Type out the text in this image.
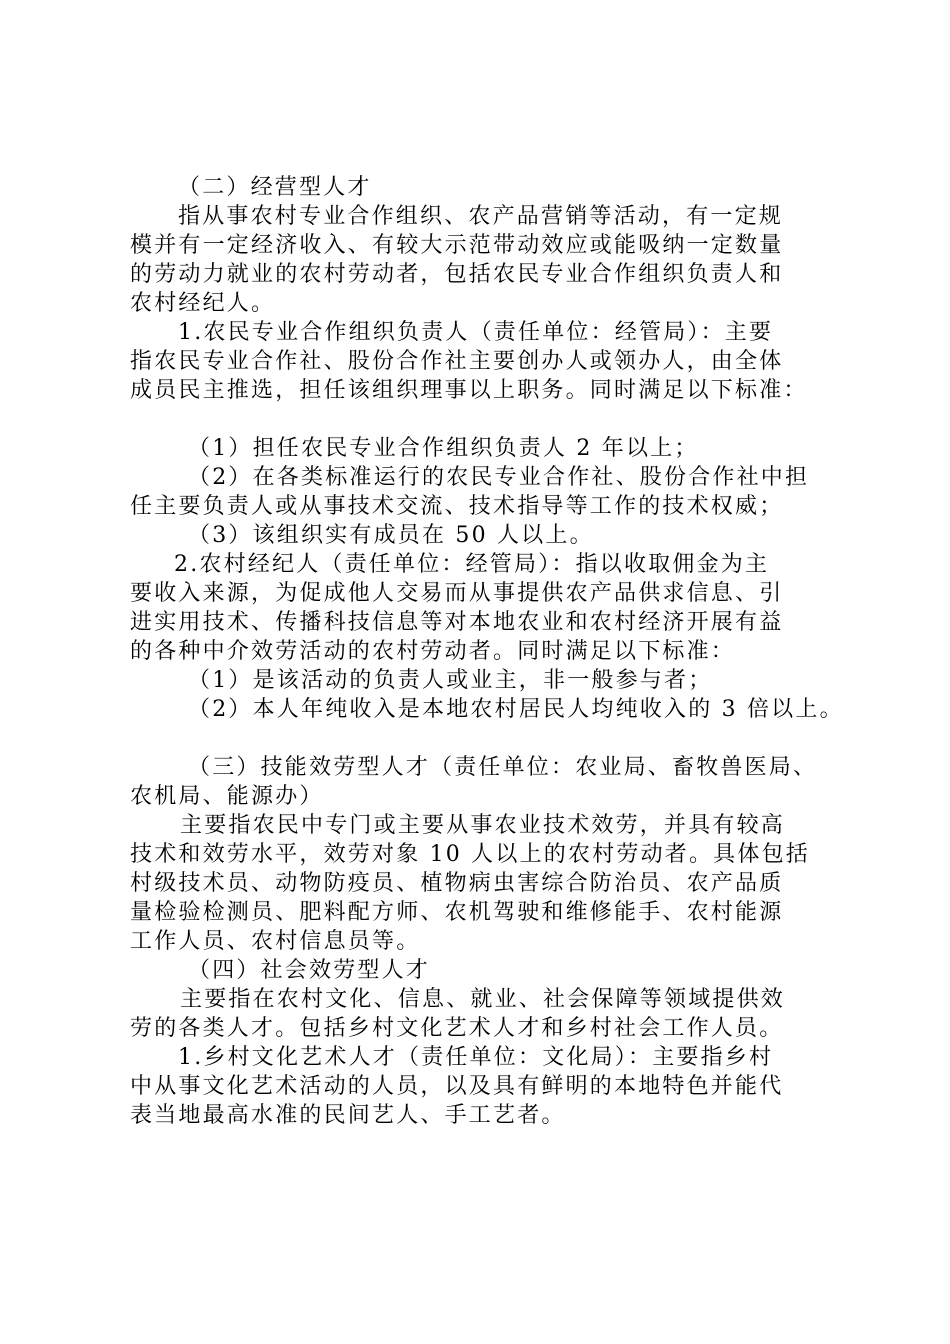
（二）经营型人才
指从事农村专业合作组织、农产品营销等活动，有一定规
模并有一定经济收入、有较大示范带动效应或能吸纳一定数量
的劳动力就业的农村劳动者，包括农民专业合作组织负责人和
农村经纪人。
1.农民专业合作组织负责人（责任单位：经管局）：主要
指农民专业合作社、股份合作社主要创办人或领办人，由全体
成员民主推选，担任该组织理事以上职务。同时满足以下标准：
（1）担任农民专业合作组织负责人 2 年以上；
（2）在各类标准运行的农民专业合作社、股份合作社中担
任主要负责人或从事技术交流、技术指导等工作的技术权威；
（3）该组织实有成员在 50 人以上。
2.农村经纪人（责任单位：经管局）：指以收取佣金为主
要收入来源，为促成他人交易而从事提供农产品供求信息、引
进实用技术、传播科技信息等对本地农业和农村经济开展有益
的各种中介效劳活动的农村劳动者。同时满足以下标准：
（1）是该活动的负责人或业主，非一般参与者；
（2）本人年纯收入是本地农村居民人均纯收入的 3 倍以上。
（三）技能效劳型人才（责任单位：农业局、畜牧兽医局、
农机局、能源办）
主要指农民中专门或主要从事农业技术效劳，并具有较高
技术和效劳水平，效劳对象 10 人以上的农村劳动者。具体包括
村级技术员、动物防疫员、植物病虫害综合防治员、农产品质
量检验检测员、肥料配方师、农机驾驶和维修能手、农村能源
工作人员、农村信息员等。
（四）社会效劳型人才
主要指在农村文化、信息、就业、社会保障等领域提供效
劳的各类人才。包括乡村文化艺术人才和乡村社会工作人员。
1.乡村文化艺术人才（责任单位：文化局）：主要指乡村
中从事文化艺术活动的人员，以及具有鲜明的本地特色并能代
表当地最高水准的民间艺人、手工艺者。
